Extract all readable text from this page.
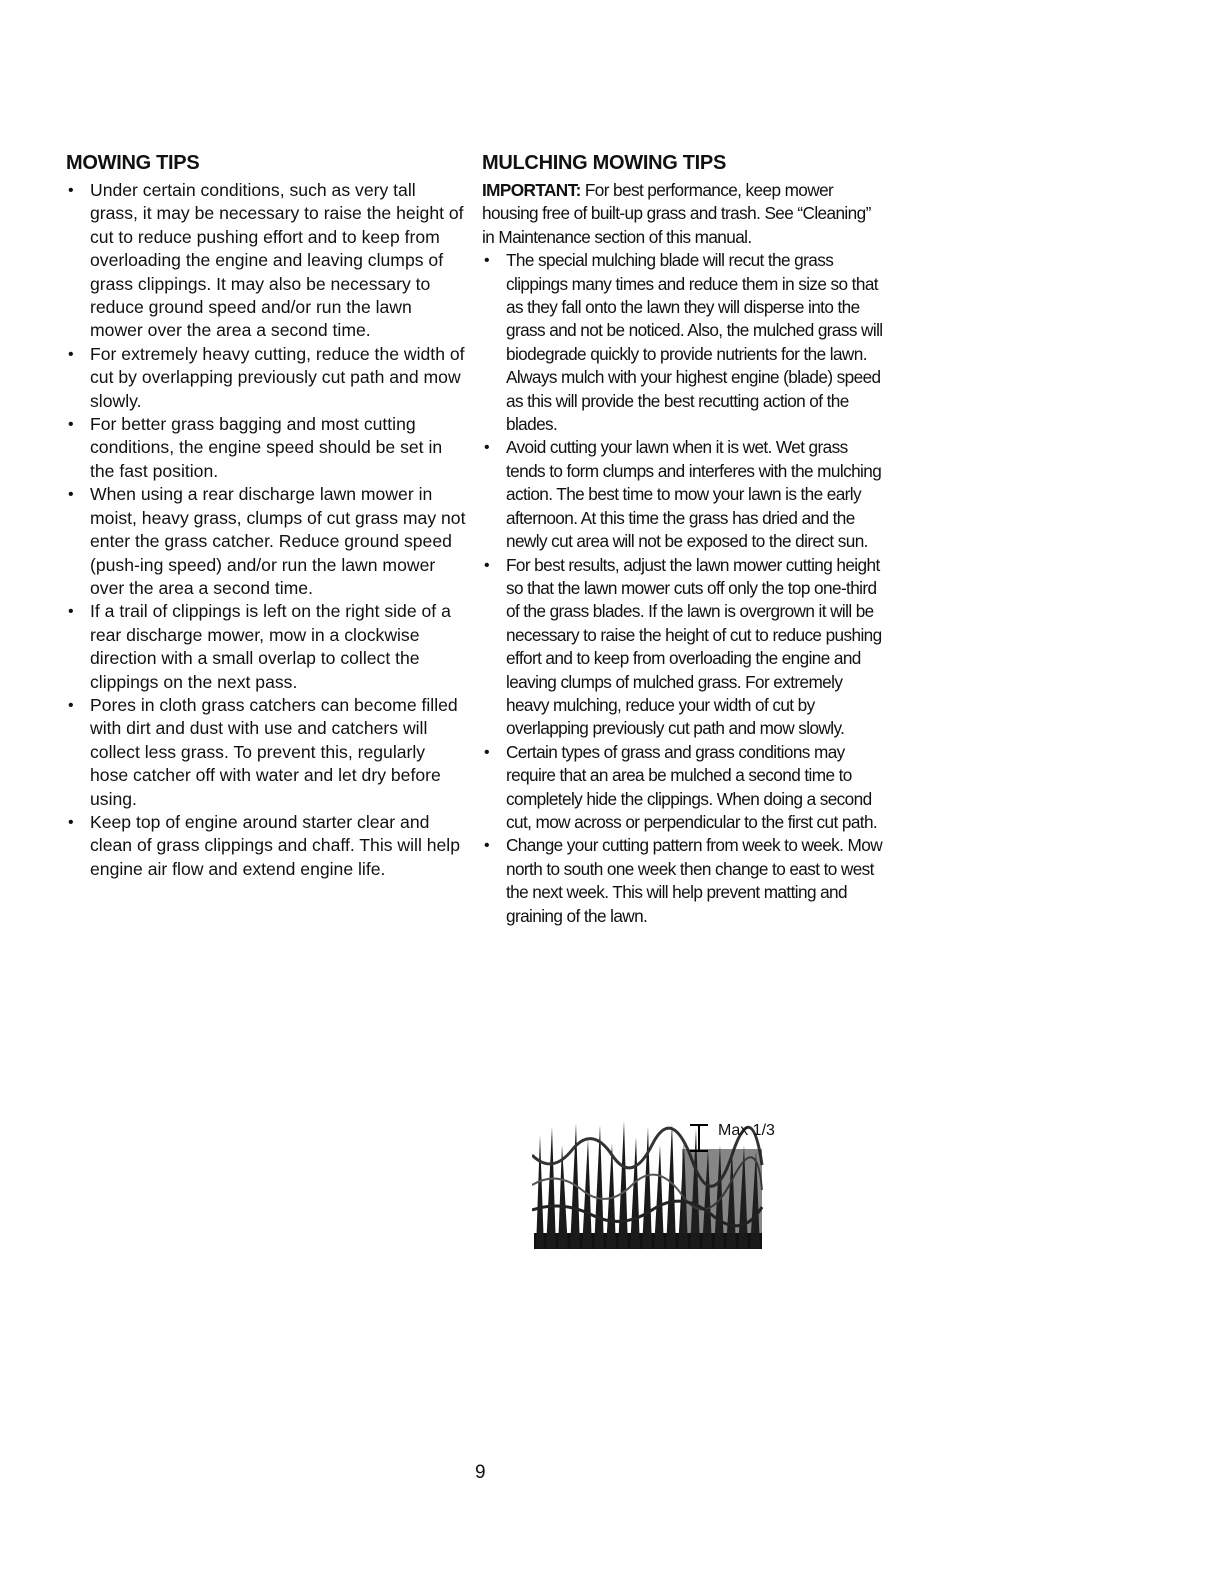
MOWING TIPS
• Under certain conditions, such as very tall grass, it may be necessary to raise the height of cut to reduce pushing effort and to keep from overloading the engine and leaving clumps of grass clippings. It may also be necessary to reduce ground speed and/or run the lawn mower over the area a second time.
• For extremely heavy cutting, reduce the width of cut by overlapping previously cut path and mow slowly.
• For better grass bagging and most cutting conditions, the engine speed should be set in the fast position.
• When using a rear discharge lawn mower in moist, heavy grass, clumps of cut grass may not enter the grass catcher. Reduce ground speed (push-ing speed) and/or run the lawn mower over the area a second time.
• If a trail of clippings is left on the right side of a rear discharge mower, mow in a clockwise direction with a small overlap to collect the clippings on the next pass.
• Pores in cloth grass catchers can become filled with dirt and dust with use and catchers will collect less grass. To prevent this, regularly hose catcher off with water and let dry before using.
• Keep top of engine around starter clear and clean of grass clippings and chaff. This will help engine air flow and extend engine life.
MULCHING MOWING TIPS

IMPORTANT: For best performance, keep mower housing free of built-up grass and trash. See “Cleaning” in Maintenance section of this manual.

• The special mulching blade will recut the grass clippings many times and reduce them in size so that as they fall onto the lawn they will disperse into the grass and not be noticed. Also, the mulched grass will biodegrade quickly to provide nutrients for the lawn. Always mulch with your highest engine (blade) speed as this will provide the best recutting action of the blades.
• Avoid cutting your lawn when it is wet. Wet grass tends to form clumps and interferes with the mulching action. The best time to mow your lawn is the early afternoon. At this time the grass has dried and the newly cut area will not be exposed to the direct sun.
• For best results, adjust the lawn mower cutting height so that the lawn mower cuts off only the top one-third of the grass blades. If the lawn is overgrown it will be necessary to raise the height of cut to reduce pushing effort and to keep from overloading the engine and leaving clumps of mulched grass. For extremely heavy mulching, reduce your width of cut by overlapping previously cut path and mow slowly.
• Certain types of grass and grass conditions may require that an area be mulched a second time to completely hide the clippings. When doing a second cut, mow across or perpendicular to the first cut path.
• Change your cutting pattern from week to week. Mow north to south one week then change to east to west the next week. This will help prevent matting and graining of the lawn.
Max 1/3
9
